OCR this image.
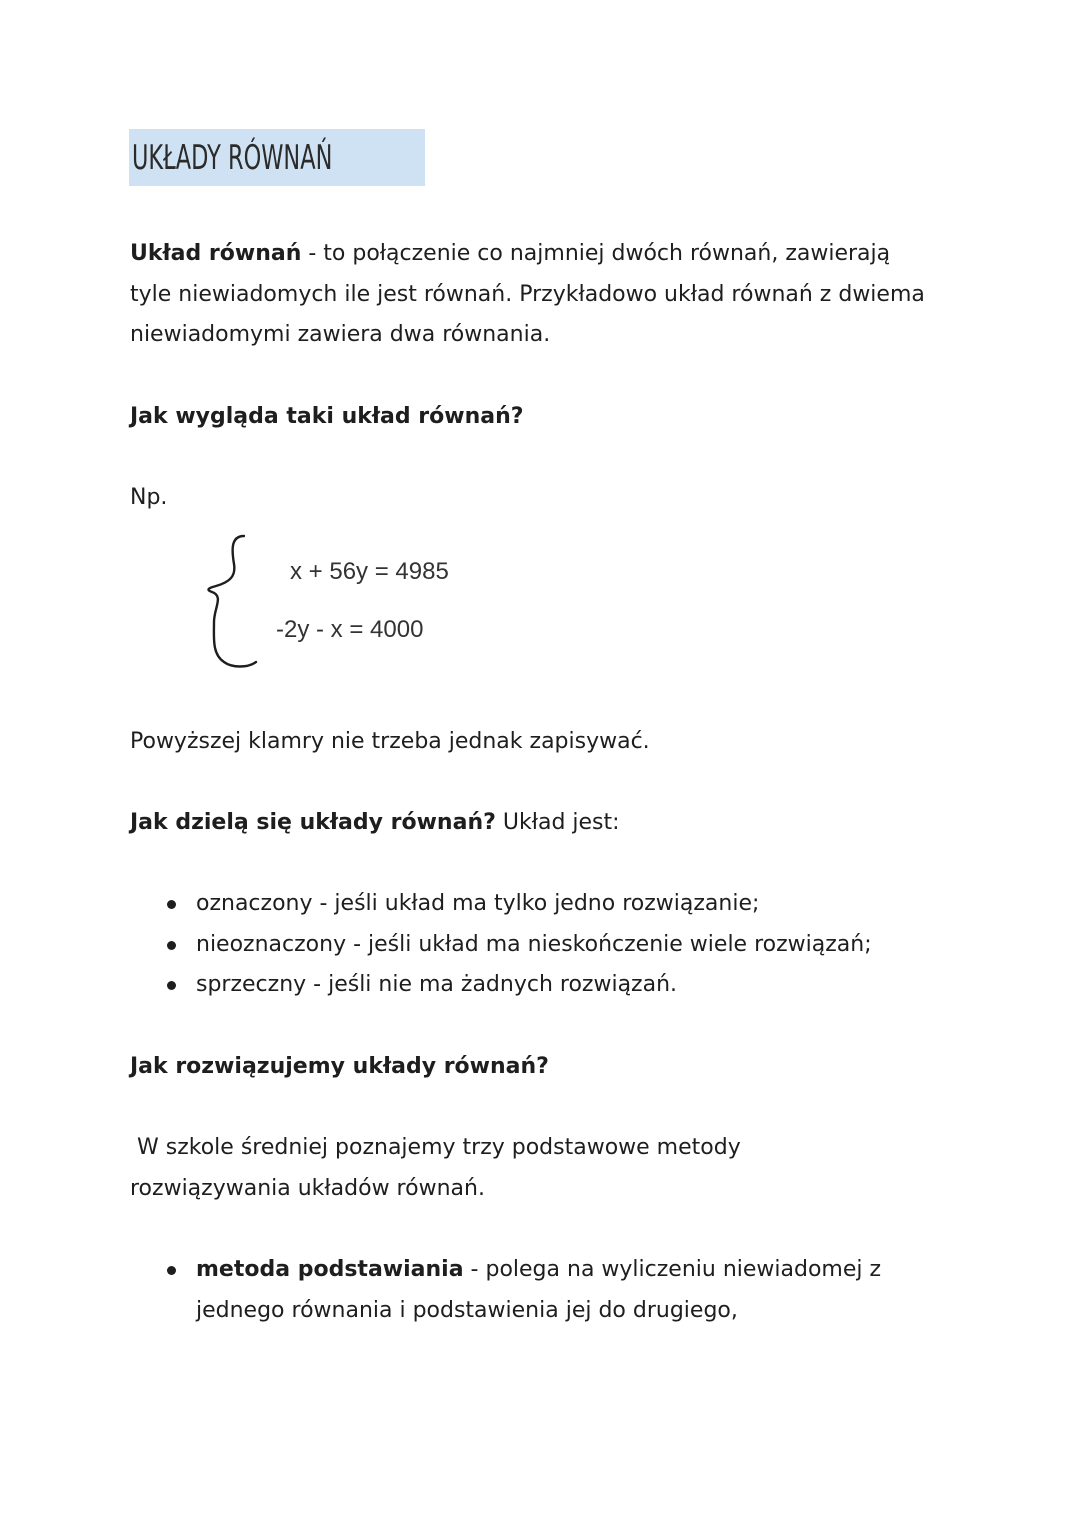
UKŁADY RÓWNAŃ

Układ równań - to połączenie co najmniej dwóch równań, zawierają tyle niewiadomych ile jest równań. Przykładowo układ równań z dwiema niewiadomymi zawiera dwa równania.

Jak wygląda taki układ równań?

Np.
x + 56y = 4985
-2y - x = 4000

Powyższej klamry nie trzeba jednak zapisywać.

Jak dzielą się układy równań? Układ jest:

oznaczony - jeśli układ ma tylko jedno rozwiązanie;
nieoznaczony - jeśli układ ma nieskończenie wiele rozwiązań;
sprzeczny - jeśli nie ma żadnych rozwiązań.

Jak rozwiązujemy układy równań?

W szkole średniej poznajemy trzy podstawowe metody rozwiązywania układów równań.

metoda podstawiania - polega na wyliczeniu niewiadomej z jednego równania i podstawienia jej do drugiego,
